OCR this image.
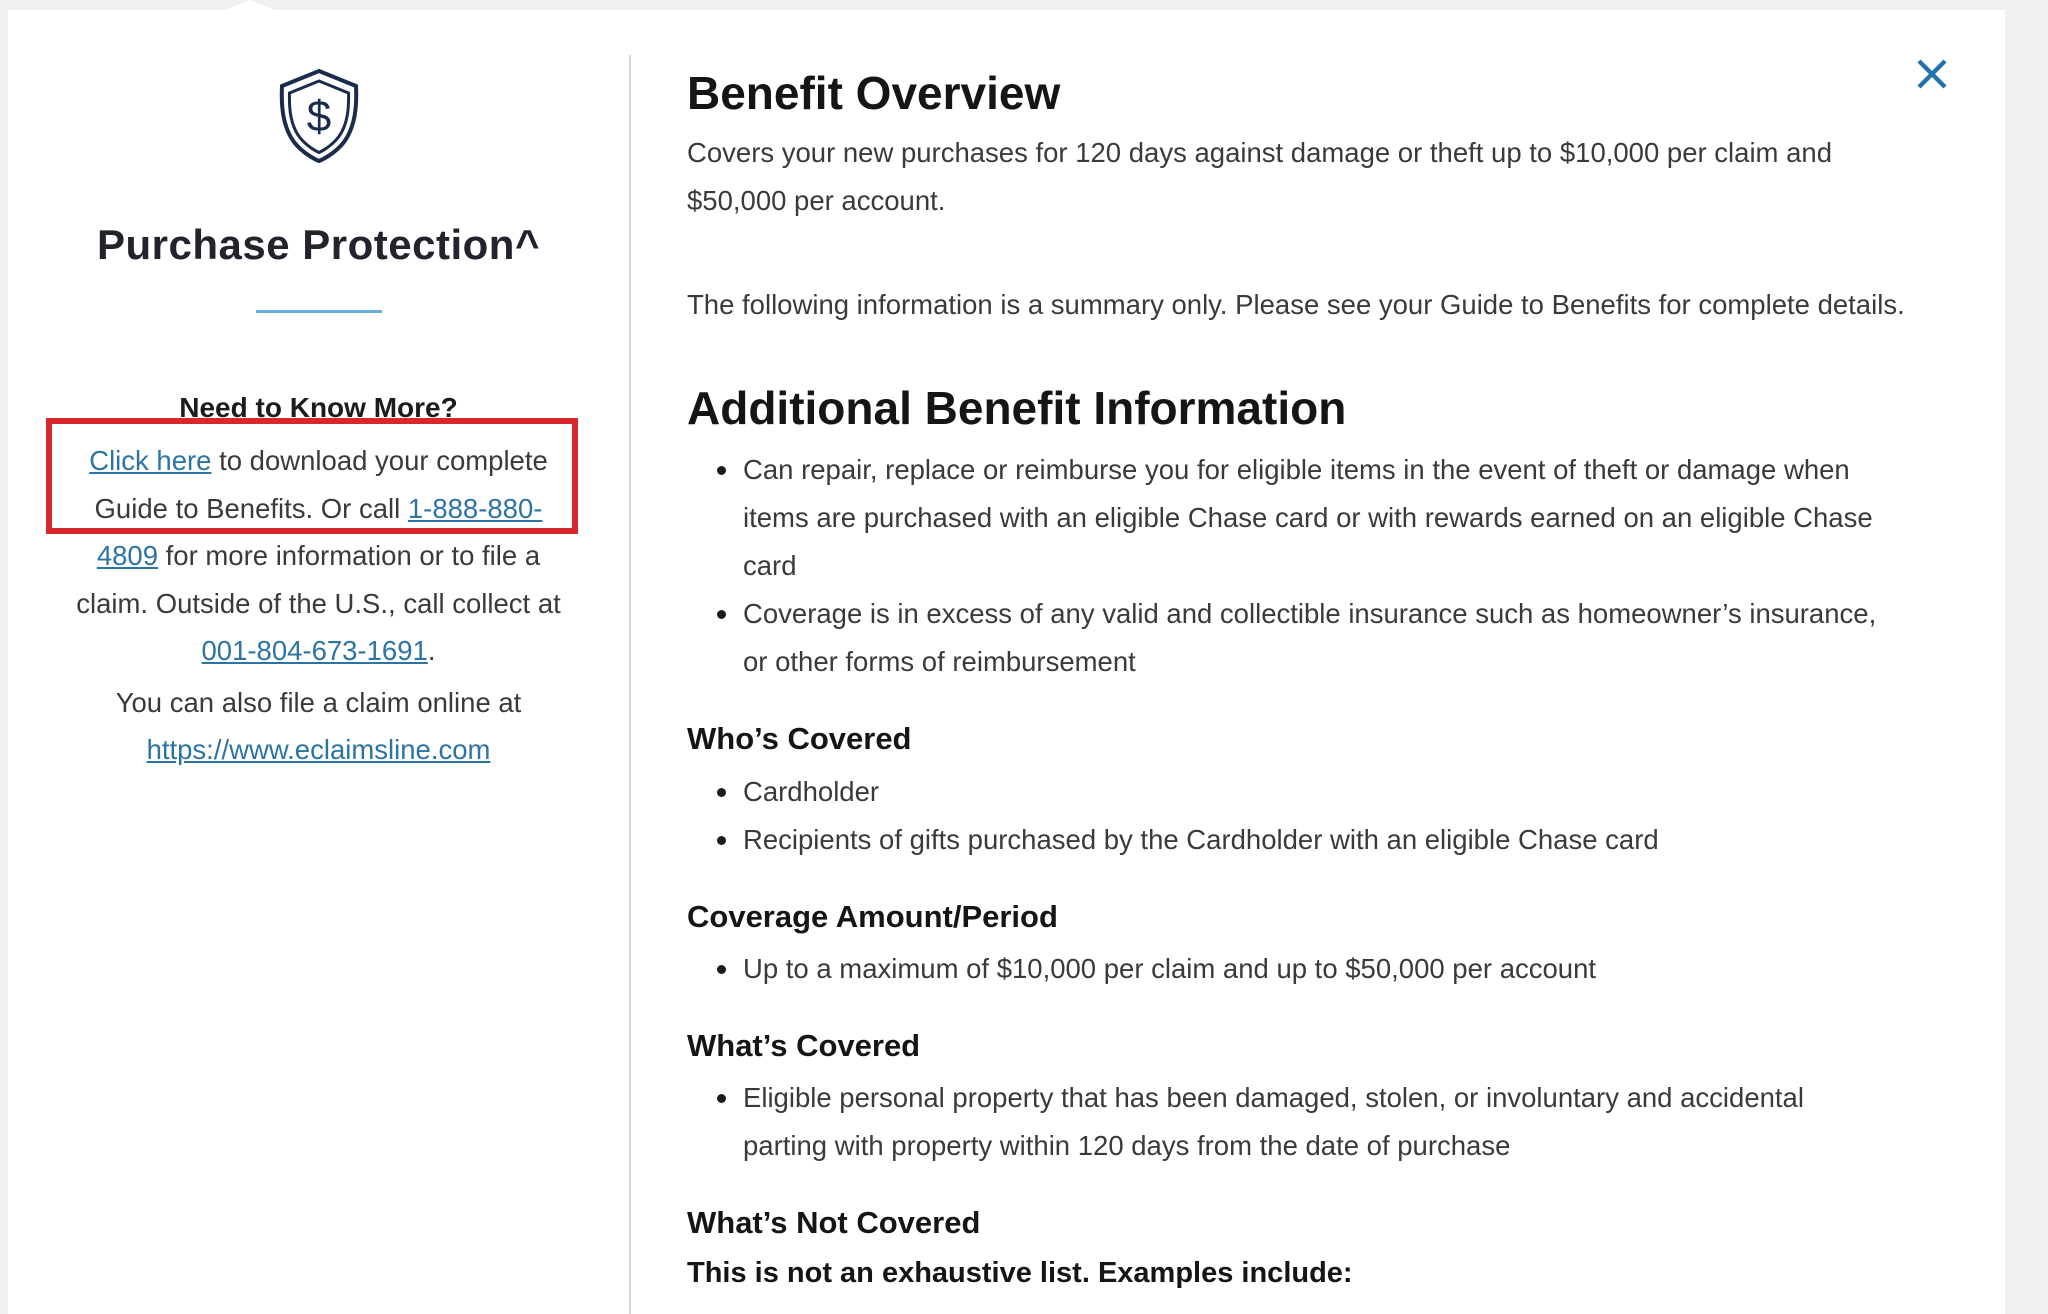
$
Purchase Protection^
Need to Know More?
Click here to download your complete Guide to Benefits. Or call 1-888-880-4809 for more information or to file a claim. Outside of the U.S., call collect at 001-804-673-1691.
You can also file a claim online at https://www.eclaimsline.com
Benefit Overview

Covers your new purchases for 120 days against damage or theft up to $10,000 per claim and $50,000 per account.

The following information is a summary only. Please see your Guide to Benefits for complete details.

Additional Benefit Information
Can repair, replace or reimburse you for eligible items in the event of theft or damage when items are purchased with an eligible Chase card or with rewards earned on an eligible Chase card
Coverage is in excess of any valid and collectible insurance such as homeowner’s insurance, or other forms of reimbursement
Who’s Covered
Cardholder
Recipients of gifts purchased by the Cardholder with an eligible Chase card
Coverage Amount/Period
Up to a maximum of $10,000 per claim and up to $50,000 per account
What’s Covered
Eligible personal property that has been damaged, stolen, or involuntary and accidental parting with property within 120 days from the date of purchase
What’s Not Covered
This is not an exhaustive list. Examples include:
